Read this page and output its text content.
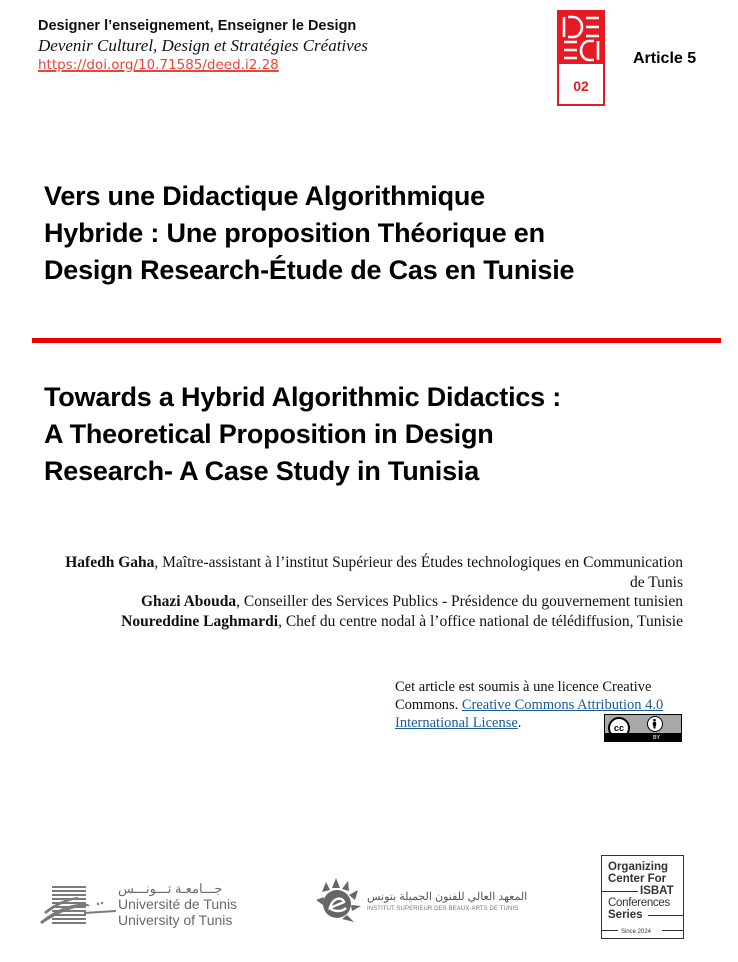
Designer l’enseignement, Enseigner le Design
Devenir Culturel, Design et Stratégies Créatives
https://doi.org/10.71585/deed.i2.28
02
Article 5
Vers une Didactique Algorithmique
Hybride : Une proposition Théorique en
Design Research-Étude de Cas en Tunisie
Towards a Hybrid Algorithmic Didactics :
A Theoretical Proposition in Design
Research- A Case Study in Tunisia
Hafedh Gaha, Maître-assistant à l’institut Supérieur des Études technologiques en Communication de Tunis
Ghazi Abouda, Conseiller des Services Publics - Présidence du gouvernement tunisien
Noureddine Laghmardi, Chef du centre nodal à l’office national de télédiffusion, Tunisie
Cet article est soumis à une licence Creative Commons. Creative Commons Attribution 4.0 International License.	cc
BY
جـــامعـة تـــونـــس
Université de Tunis
University of Tunis
المعهد العالي للفنون الجميلة بتونس
INSTITUT SUPERIEUR DES BEAUX-ARTS DE TUNIS
Organizing
Center For
ISBAT
Conferences
Series
Since 2024
